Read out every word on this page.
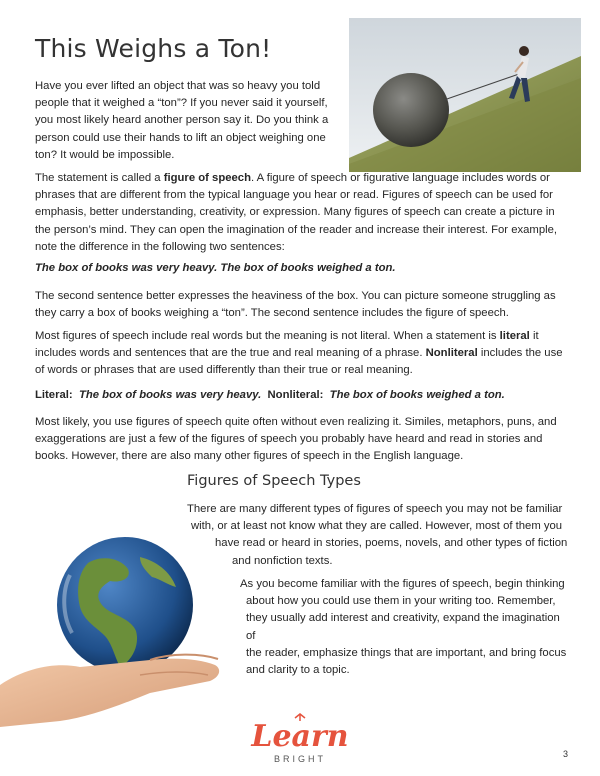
This Weighs a Ton!

Have you ever lifted an object that was so heavy you told people that it weighed a “ton”? If you never said it yourself, you most likely heard another person say it. Do you think a person could use their hands to lift an object weighing one ton? It would be impossible.

The statement is called a figure of speech. A figure of speech or figurative language includes words or phrases that are different from the typical language you hear or read. Figures of speech can be used for emphasis, better understanding, creativity, or expression. Many figures of speech can create a picture in the person’s mind. They can open the imagination of the reader and increase their interest. For example, note the difference in the following two sentences:

The box of books was very heavy. The box of books weighed a ton.

The second sentence better expresses the heaviness of the box. You can picture someone struggling as they carry a box of books weighing a “ton”. The second sentence includes the figure of speech.

Most figures of speech include real words but the meaning is not literal. When a statement is literal it includes words and sentences that are the true and real meaning of a phrase. Nonliteral includes the use of words or phrases that are used differently than their true or real meaning.

Literal: The box of books was very heavy. Nonliteral: The box of books weighed a ton.

Most likely, you use figures of speech quite often without even realizing it. Similes, metaphors, puns, and exaggerations are just a few of the figures of speech you probably have heard and read in stories and books. However, there are also many other figures of speech in the English language.

Figures of Speech Types

There are many different types of figures of speech you may not be familiar
with, or at least not know what they are called. However, most of them you
have read or heard in stories, poems, novels, and other types of fiction
and nonfiction texts.

As you become familiar with the figures of speech, begin thinking
about how you could use them in your writing too. Remember,
they usually add interest and creativity, expand the imagination of
the reader, emphasize things that are important, and bring focus
and clarity to a topic.

Learn
BRIGHT	3
